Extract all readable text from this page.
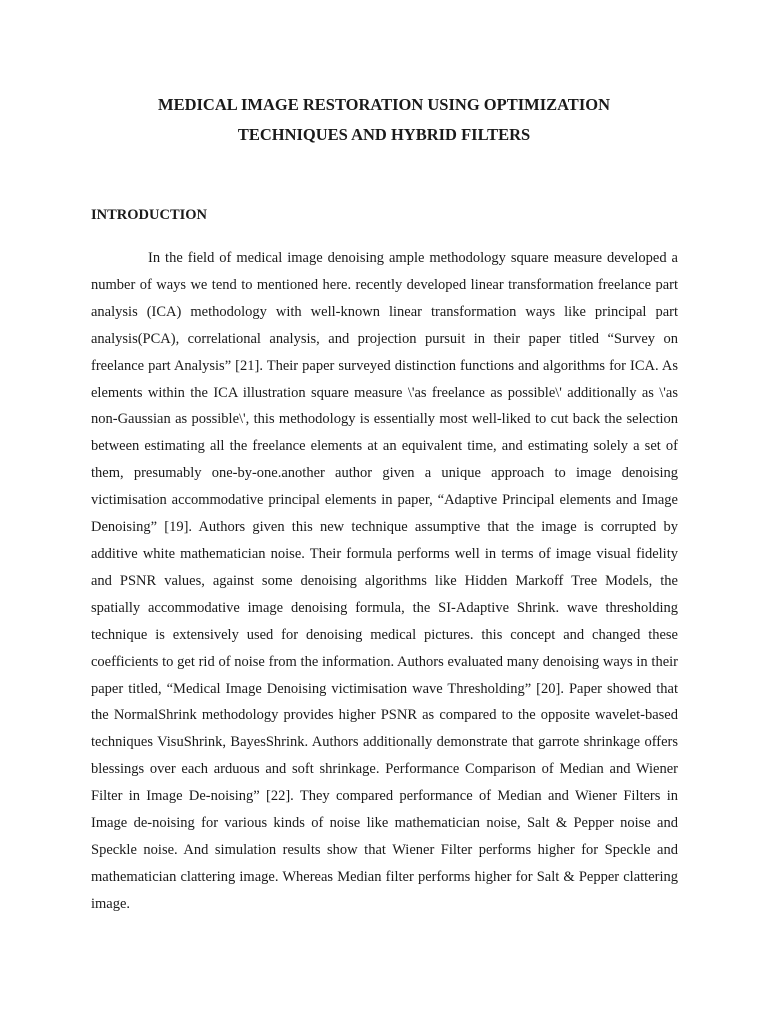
MEDICAL IMAGE RESTORATION USING OPTIMIZATION
TECHNIQUES AND HYBRID FILTERS
INTRODUCTION

In the field of medical image denoising ample methodology square measure developed a number of ways we tend to mentioned here. recently developed linear transformation freelance part analysis (ICA) methodology with well-known linear transformation ways like principal part analysis(PCA), correlational analysis, and projection pursuit in their paper titled “Survey on freelance part Analysis” [21]. Their paper surveyed distinction functions and algorithms for ICA. As elements within the ICA illustration square measure \'as freelance as possible\' additionally as \'as non-Gaussian as possible\', this methodology is essentially most well-liked to cut back the selection between estimating all the freelance elements at an equivalent time, and estimating solely a set of them, presumably one-by-one.another author given a unique approach to image denoising victimisation accommodative principal elements in paper, “Adaptive Principal elements and Image Denoising” [19]. Authors given this new technique assumptive that the image is corrupted by additive white mathematician noise. Their formula performs well in terms of image visual fidelity and PSNR values, against some denoising algorithms like Hidden Markoff Tree Models, the spatially accommodative image denoising formula, the SI-Adaptive Shrink. wave thresholding technique is extensively used for denoising medical pictures. this concept and changed these coefficients to get rid of noise from the information. Authors evaluated many denoising ways in their paper titled, “Medical Image Denoising victimisation wave Thresholding” [20]. Paper showed that the NormalShrink methodology provides higher PSNR as compared to the opposite wavelet-based techniques VisuShrink, BayesShrink. Authors additionally demonstrate that garrote shrinkage offers blessings over each arduous and soft shrinkage. Performance Comparison of Median and Wiener Filter in Image De-noising” [22]. They compared performance of Median and Wiener Filters in Image de-noising for various kinds of noise like mathematician noise, Salt & Pepper noise and Speckle noise. And simulation results show that Wiener Filter performs higher for Speckle and mathematician clattering image. Whereas Median filter performs higher for Salt & Pepper clattering image.
